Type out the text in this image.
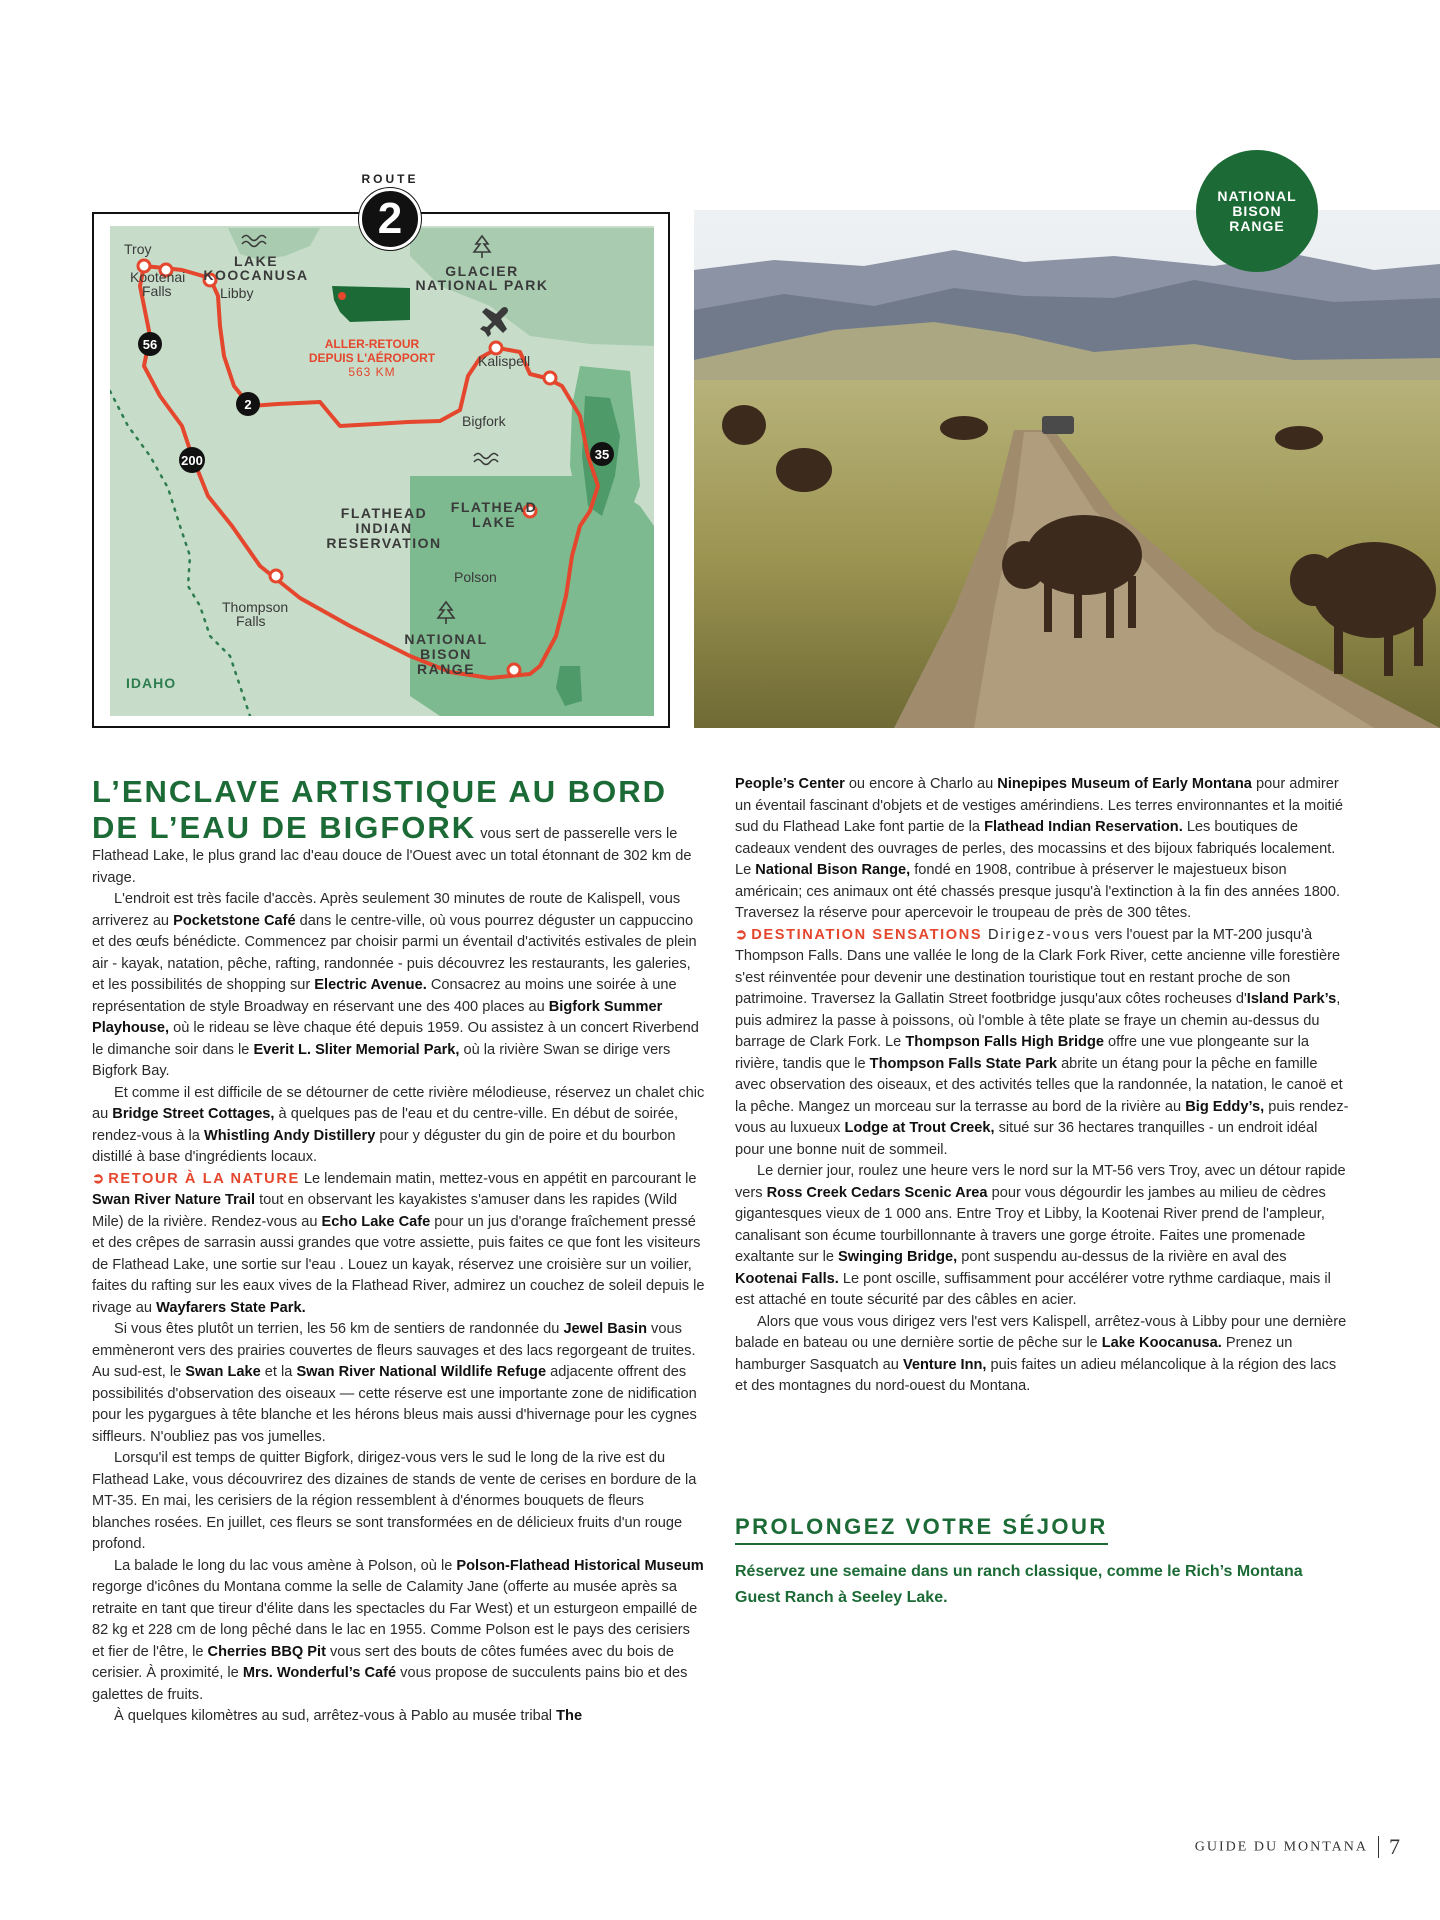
56
2
200	35
Troy
Kootenai
Falls
LAKE
KOOCANUSA
Libby
GLACIER
NATIONAL PARK
ALLER-RETOUR
DEPUIS L'AÉROPORT
563 KM
Kalispell
Bigfork
FLATHEAD
INDIAN
RESERVATION
FLATHEAD
LAKE
Polson
Thompson
Falls
NATIONAL
BISON
RANGE
IDAHO
ROUTE
2	NATIONAL
BISON
RANGE

L’ENCLAVE ARTISTIQUE AU BORD
DE L’EAU DE BIGFORK vous sert de passerelle vers le Flathead Lake, le plus grand lac d'eau douce de l'Ouest avec un total étonnant de 302 km de rivage.

L'endroit est très facile d'accès. Après seulement 30 minutes de route de Kalispell, vous arriverez au Pocketstone Café dans le centre-ville, où vous pourrez déguster un cappuccino et des œufs bénédicte. Commencez par choisir parmi un éventail d'activités estivales de plein air - kayak, natation, pêche, rafting, randonnée - puis découvrez les restaurants, les galeries, et les possibilités de shopping sur Electric Avenue. Consacrez au moins une soirée à une représentation de style Broadway en réservant une des 400 places au Bigfork Summer Playhouse, où le rideau se lève chaque été depuis 1959. Ou assistez à un concert Riverbend le dimanche soir dans le Everit L. Sliter Memorial Park, où la rivière Swan se dirige vers Bigfork Bay.

Et comme il est difficile de se détourner de cette rivière mélodieuse, réservez un chalet chic au Bridge Street Cottages, à quelques pas de l'eau et du centre-ville. En début de soirée, rendez-vous à la Whistling Andy Distillery pour y déguster du gin de poire et du bourbon distillé à base d'ingrédients locaux.

➲ RETOUR À LA NATURE Le lendemain matin, mettez-vous en appétit en parcourant le Swan River Nature Trail tout en observant les kayakistes s'amuser dans les rapides (Wild Mile) de la rivière. Rendez-vous au Echo Lake Cafe pour un jus d'orange fraîchement pressé et des crêpes de sarrasin aussi grandes que votre assiette, puis faites ce que font les visiteurs de Flathead Lake, une sortie sur l'eau . Louez un kayak, réservez une croisière sur un voilier, faites du rafting sur les eaux vives de la Flathead River, admirez un couchez de soleil depuis le rivage au Wayfarers State Park.

Si vous êtes plutôt un terrien, les 56 km de sentiers de randonnée du Jewel Basin vous emmèneront vers des prairies couvertes de fleurs sauvages et des lacs regorgeant de truites. Au sud-est, le Swan Lake et la Swan River National Wildlife Refuge adjacente offrent des possibilités d'observation des oiseaux — cette réserve est une importante zone de nidification pour les pygargues à tête blanche et les hérons bleus mais aussi d'hivernage pour les cygnes siffleurs. N'oubliez pas vos jumelles.

Lorsqu'il est temps de quitter Bigfork, dirigez-vous vers le sud le long de la rive est du Flathead Lake, vous découvrirez des dizaines de stands de vente de cerises en bordure de la MT-35. En mai, les cerisiers de la région ressemblent à d'énormes bouquets de fleurs blanches rosées. En juillet, ces fleurs se sont transformées en de délicieux fruits d'un rouge profond.

La balade le long du lac vous amène à Polson, où le Polson-Flathead Historical Museum regorge d'icônes du Montana comme la selle de Calamity Jane (offerte au musée après sa retraite en tant que tireur d'élite dans les spectacles du Far West) et un esturgeon empaillé de 82 kg et 228 cm de long pêché dans le lac en 1955. Comme Polson est le pays des cerisiers et fier de l'être, le Cherries BBQ Pit vous sert des bouts de côtes fumées avec du bois de cerisier. À proximité, le Mrs. Wonderful’s Café vous propose de succulents pains bio et des galettes de fruits.

À quelques kilomètres au sud, arrêtez-vous à Pablo au musée tribal The

People’s Center ou encore à Charlo au Ninepipes Museum of Early Montana pour admirer un éventail fascinant d'objets et de vestiges amérindiens. Les terres environnantes et la moitié sud du Flathead Lake font partie de la Flathead Indian Reservation. Les boutiques de cadeaux vendent des ouvrages de perles, des mocassins et des bijoux fabriqués localement. Le National Bison Range, fondé en 1908, contribue à préserver le majestueux bison américain; ces animaux ont été chassés presque jusqu'à l'extinction à la fin des années 1800. Traversez la réserve pour apercevoir le troupeau de près de 300 têtes.

➲ DESTINATION SENSATIONS Dirigez-vous vers l'ouest par la MT-200 jusqu'à Thompson Falls. Dans une vallée le long de la Clark Fork River, cette ancienne ville forestière s'est réinventée pour devenir une destination touristique tout en restant proche de son patrimoine. Traversez la Gallatin Street footbridge jusqu'aux côtes rocheuses d'Island Park’s, puis admirez la passe à poissons, où l'omble à tête plate se fraye un chemin au-dessus du barrage de Clark Fork. Le Thompson Falls High Bridge offre une vue plongeante sur la rivière, tandis que le Thompson Falls State Park abrite un étang pour la pêche en famille avec observation des oiseaux, et des activités telles que la randonnée, la natation, le canoë et la pêche. Mangez un morceau sur la terrasse au bord de la rivière au Big Eddy’s, puis rendez-vous au luxueux Lodge at Trout Creek, situé sur 36 hectares tranquilles - un endroit idéal pour une bonne nuit de sommeil.

Le dernier jour, roulez une heure vers le nord sur la MT-56 vers Troy, avec un détour rapide vers Ross Creek Cedars Scenic Area pour vous dégourdir les jambes au milieu de cèdres gigantesques vieux de 1 000 ans. Entre Troy et Libby, la Kootenai River prend de l'ampleur, canalisant son écume tourbillonnante à travers une gorge étroite. Faites une promenade exaltante sur le Swinging Bridge, pont suspendu au-dessus de la rivière en aval des Kootenai Falls. Le pont oscille, suffisamment pour accélérer votre rythme cardiaque, mais il est attaché en toute sécurité par des câbles en acier.

Alors que vous vous dirigez vers l'est vers Kalispell, arrêtez-vous à Libby pour une dernière balade en bateau ou une dernière sortie de pêche sur le Lake Koocanusa. Prenez un hamburger Sasquatch au Venture Inn, puis faites un adieu mélancolique à la région des lacs et des montagnes du nord-ouest du Montana.

PROLONGEZ VOTRE SÉJOUR
Réservez une semaine dans un ranch classique, comme le Rich’s Montana Guest Ranch à Seeley Lake.
GUIDE DU MONTANA 7
